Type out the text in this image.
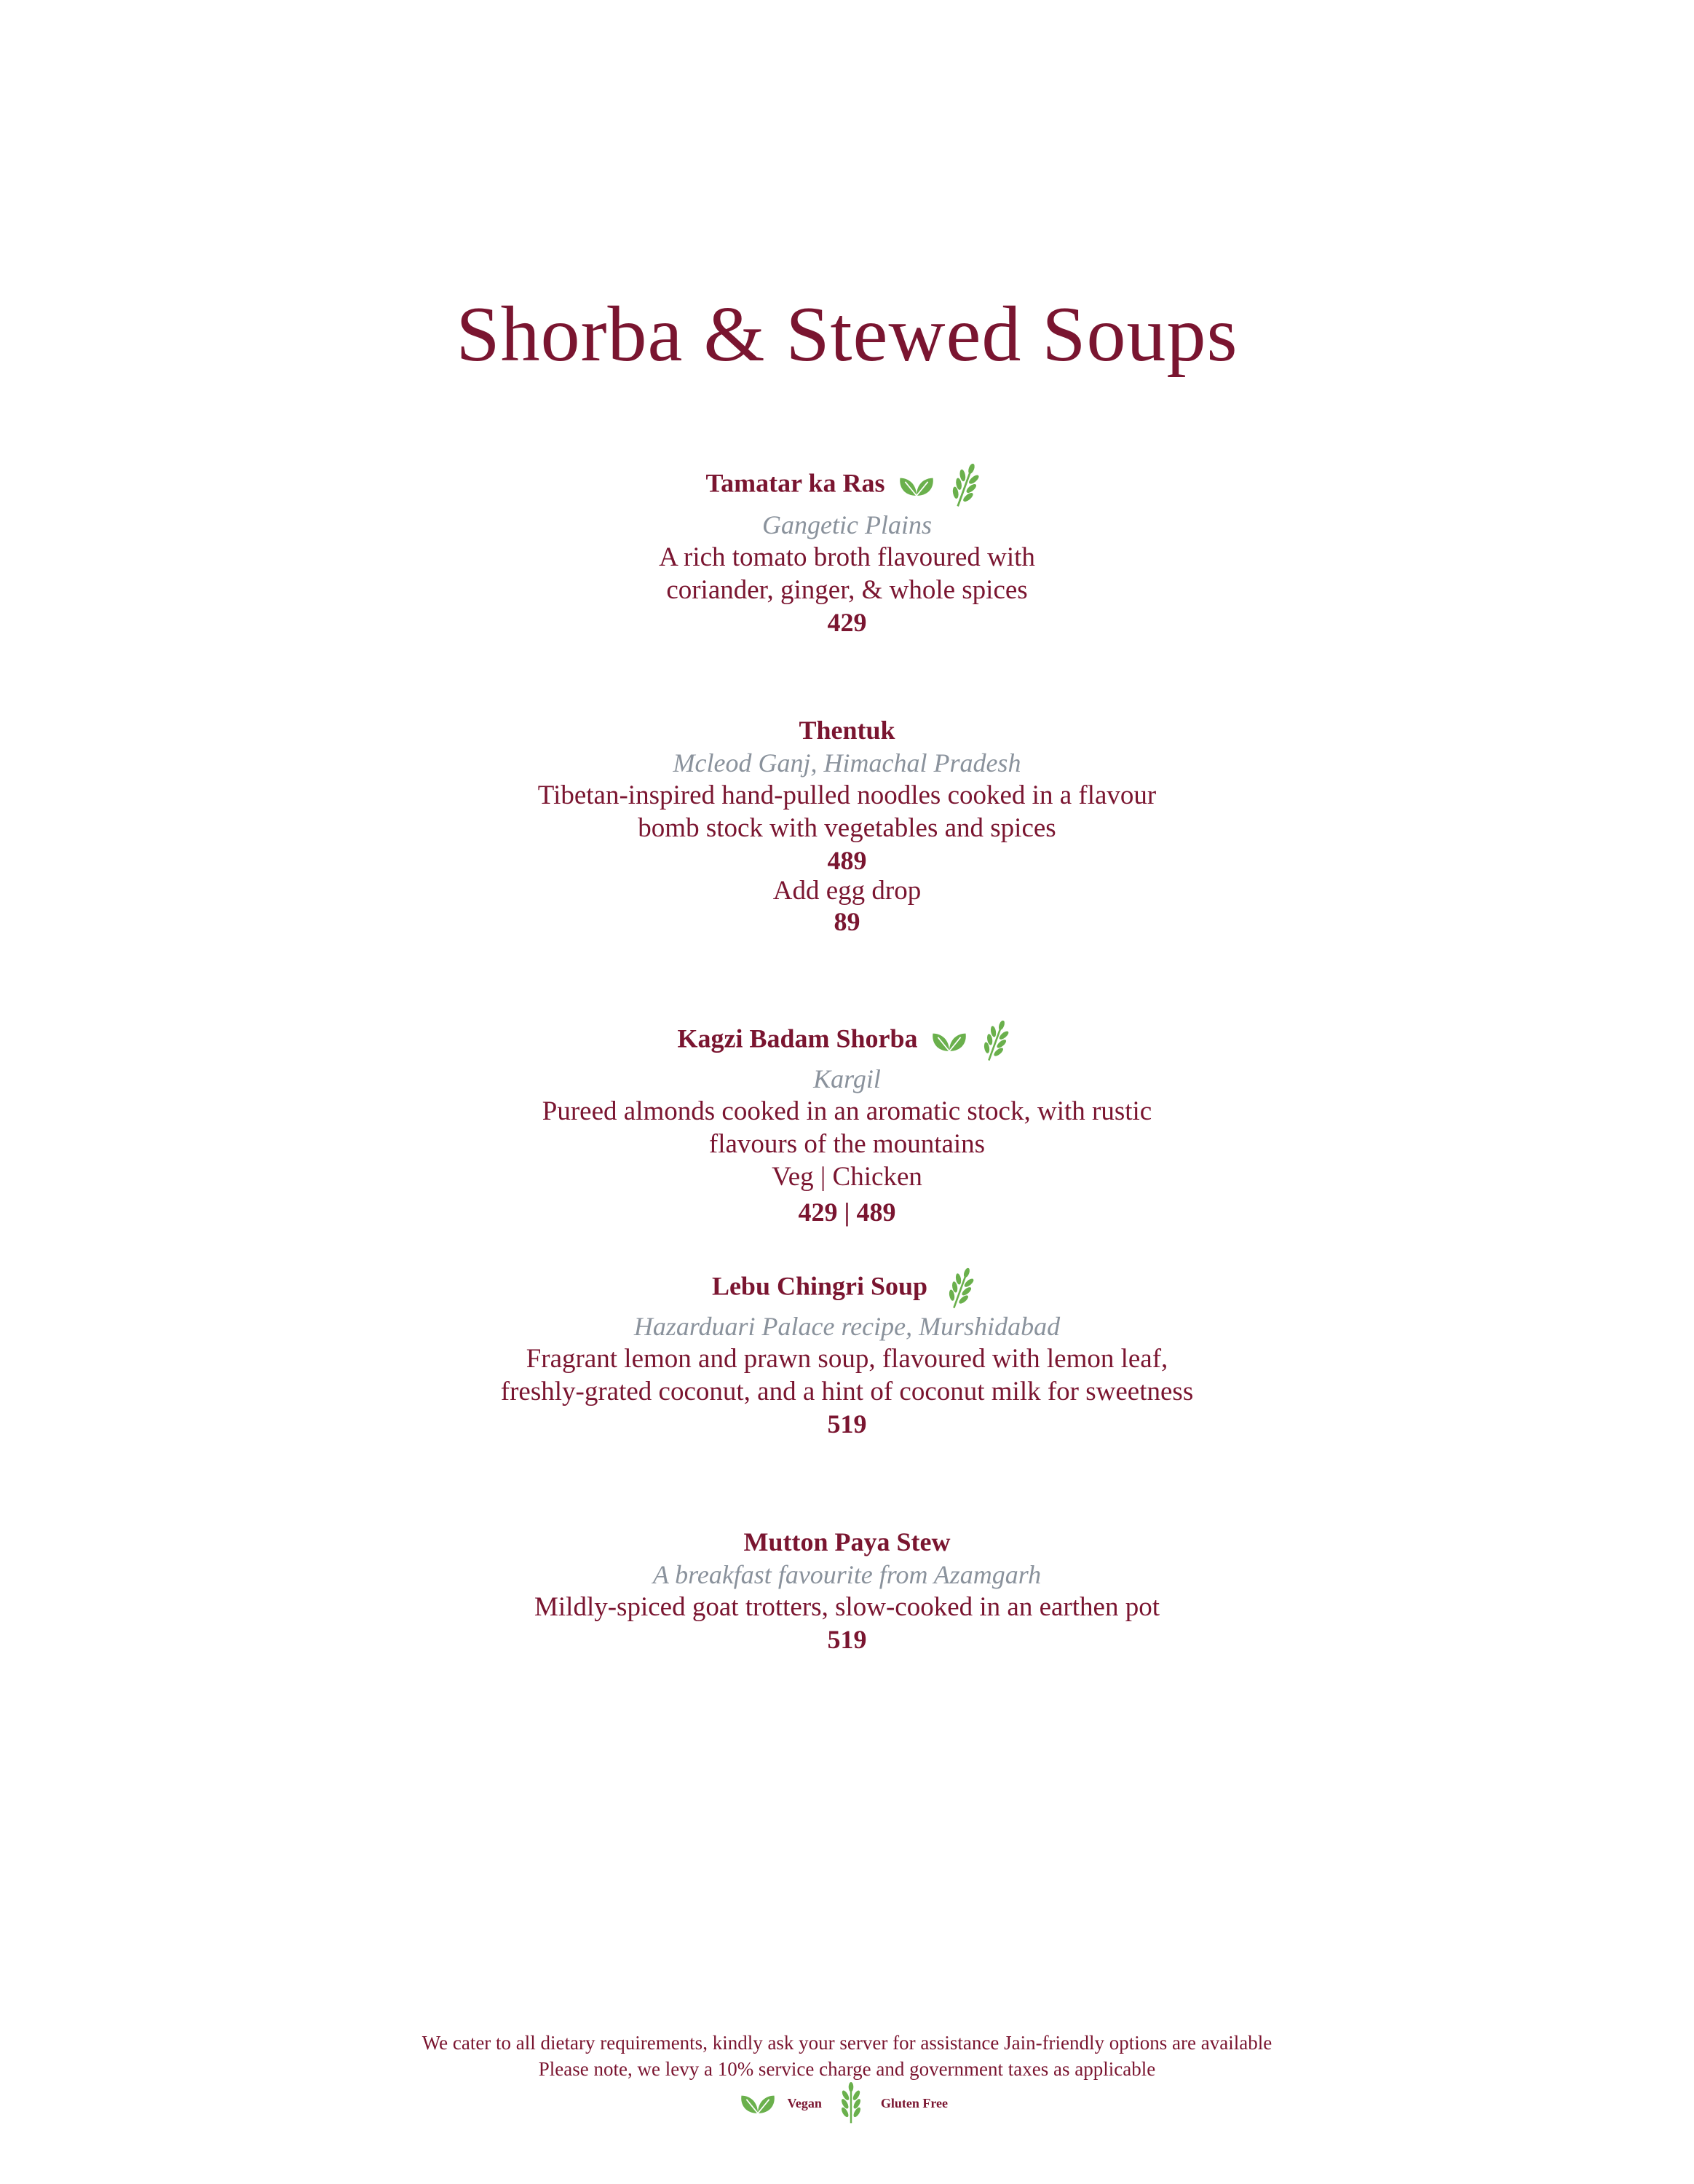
Shorba & Stewed Soups
Tamatar ka Ras
Gangetic Plains
A rich tomato broth flavoured with
coriander, ginger, & whole spices
429
Thentuk
Mcleod Ganj, Himachal Pradesh
Tibetan-inspired hand-pulled noodles cooked in a flavour
bomb stock with vegetables and spices
489
Add egg drop
89
Kagzi Badam Shorba
Kargil
Pureed almonds cooked in an aromatic stock, with rustic
flavours of the mountains
Veg | Chicken
429 | 489
Lebu Chingri Soup
Hazarduari Palace recipe, Murshidabad
Fragrant lemon and prawn soup, flavoured with lemon leaf,
freshly-grated coconut, and a hint of coconut milk for sweetness
519
Mutton Paya Stew
A breakfast favourite from Azamgarh
Mildly-spiced goat trotters, slow-cooked in an earthen pot
519
We cater to all dietary requirements, kindly ask your server for assistance Jain-friendly options are available
Please note, we levy a 10% service charge and government taxes as applicable
Vegan	Gluten Free
